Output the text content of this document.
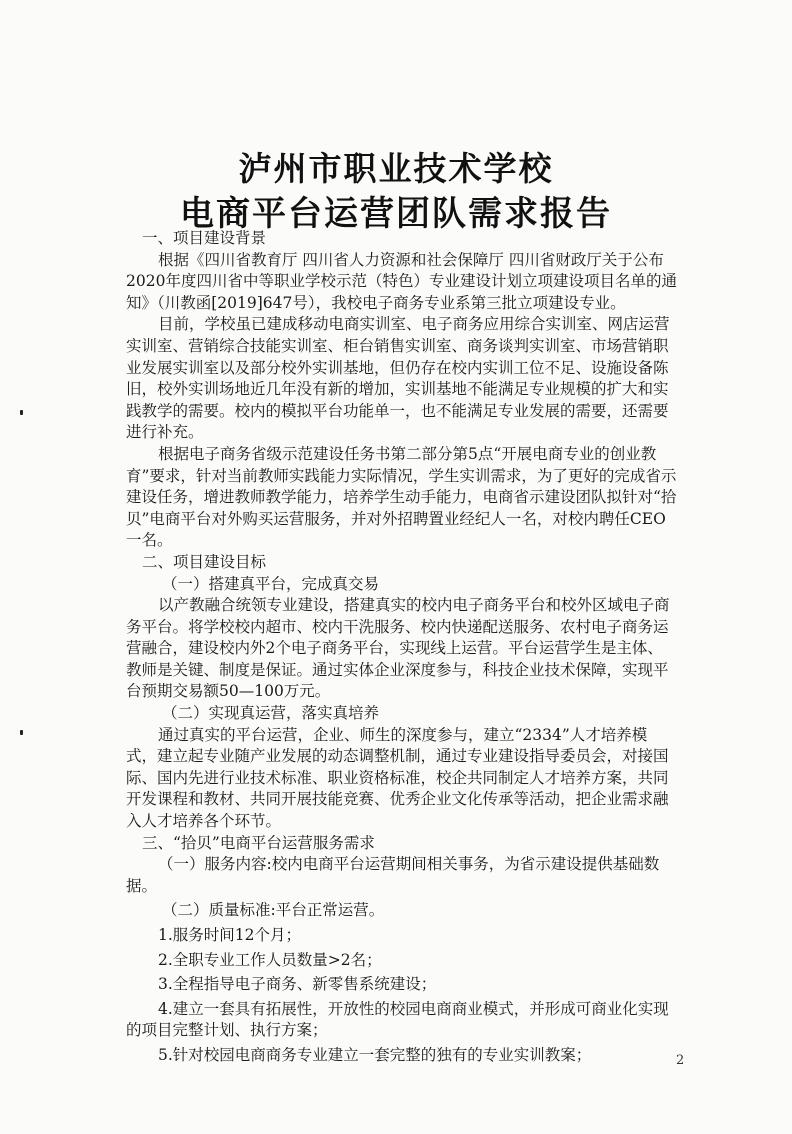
泸州市职业技术学校
电商平台运营团队需求报告

一、项目建设背景

根据《四川省教育厅 四川省人力资源和社会保障厅 四川省财政厅关于公布2020年度四川省中等职业学校示范（特色）专业建设计划立项建设项目名单的通知》（川教函[2019]647号），我校电子商务专业系第三批立项建设专业。

目前，学校虽已建成移动电商实训室、电子商务应用综合实训室、网店运营实训室、营销综合技能实训室、柜台销售实训室、商务谈判实训室、市场营销职业发展实训室以及部分校外实训基地，但仍存在校内实训工位不足、设施设备陈旧，校外实训场地近几年没有新的增加，实训基地不能满足专业规模的扩大和实践教学的需要。校内的模拟平台功能单一，也不能满足专业发展的需要，还需要进行补充。

根据电子商务省级示范建设任务书第二部分第5点“开展电商专业的创业教育”要求，针对当前教师实践能力实际情况，学生实训需求，为了更好的完成省示建设任务，增进教师教学能力，培养学生动手能力，电商省示建设团队拟针对“拾贝”电商平台对外购买运营服务，并对外招聘置业经纪人一名，对校内聘任CEO一名。

二、项目建设目标

（一）搭建真平台，完成真交易

以产教融合统领专业建设，搭建真实的校内电子商务平台和校外区域电子商务平台。将学校校内超市、校内干洗服务、校内快递配送服务、农村电子商务运营融合，建设校内外2个电子商务平台，实现线上运营。平台运营学生是主体、教师是关键、制度是保证。通过实体企业深度参与，科技企业技术保障，实现平台预期交易额50—100万元。

（二）实现真运营，落实真培养

通过真实的平台运营，企业、师生的深度参与，建立“2334”人才培养模式，建立起专业随产业发展的动态调整机制，通过专业建设指导委员会，对接国际、国内先进行业技术标准、职业资格标准，校企共同制定人才培养方案，共同开发课程和教材、共同开展技能竞赛、优秀企业文化传承等活动，把企业需求融入人才培养各个环节。

三、“拾贝”电商平台运营服务需求

（一）服务内容:校内电商平台运营期间相关事务，为省示建设提供基础数据。

（二）质量标准:平台正常运营。

1.服务时间12个月；

2.全职专业工作人员数量>2名；

3.全程指导电子商务、新零售系统建设；

4.建立一套具有拓展性，开放性的校园电商商业模式，并形成可商业化实现的项目完整计划、执行方案；

5.针对校园电商商务专业建立一套完整的独有的专业实训教案；	2
